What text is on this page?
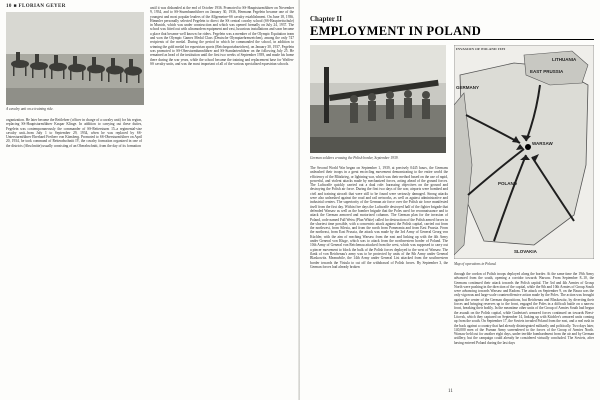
10 ■ FLORIAN GEYER
A cavalry unit on a training ride.

organization. He later became the Reitlehrer (officer in charge of a cavalry unit) for his region, replacing SS-Hauptsturmführer Kaspar Klinge. In addition to carrying out these duties, Fegelein was contemporaneously the commander of SS-Reitersturm 15–a regimental-size cavalry unit–from July 1 to September 29, 1934, when he was replaced by SS-Untersturmführer Eberhard Freiherr von Künsberg. Promoted to SS-Obersturmführer on April 20, 1934, he took command of Reiterabschnitt IV, the cavalry formation organized in one of the districts (Abschnitte) usually consisting of an Oberabschnitt, from the day of its formation

until it was disbanded at the end of October 1936. Promoted to SS-Hauptsturmführer on November 9, 1934, and to SS-Sturmbannführer on January 30, 1936, Hermann Fegelein became one of the youngest and most popular leaders of the Allgemeine-SS cavalry establishment. On June 18, 1936, Himmler personally selected Fegelein to direct the SS central cavalry school (SS-Hauptreitschule) in Munich, which was under construction and which was opened formally on July 24, 1937. The school was fitted out with ultramodern equipment and vast, luxurious installations and soon became a place that became well known for riders. Fegelein was a member of the Olympic Equitation team and won the Olympic Games Medal Class (Deutsche Olympiaehrenzeichen), among the only 747 recipients of the medal. During the period in which he commanded the school, in addition to winning the gold medal for equestrian sports (Reichssportabzeichen), on January 30, 1937, Fegelein was promoted to SS-Obersturmbannführer and SS-Standartenführer on the following July 25. He remained as head of the institution until the first two weeks of September 1939, and made his home there during the war years, while the school became the training and replacement base for Waffen-SS cavalry units, and was the most important of all of the various specialized equestrian schools.

Chapter II
EMPLOYMENT IN POLAND
German soldiers crossing the Polish border, September 1939.
LITHUANIA
EAST PRUSSIA
WARSAW
GERMANY
POLAND
SLOVAKIA
INVASION OF POLAND 1939
Map of operations in Poland.

The Second World War began on September 1, 1939, at precisely 0445 hours, the Germans unleashed their troops in a great encircling movement demonstrating to the entire world the efficiency of the Blitzkrieg, or lightning war, which was their method based on the use of rapid, powerful, and violent attacks made by mechanized forces, acting ahead of the ground forces. The Luftwaffe quickly carried out a dual role: harassing objectives on the ground and destroying the Polish air force. During the first two days of the war, airports were bombed and civil and training aircraft that were still to be found were seriously damaged. Strong attacks were also unleashed against the road and rail networks, as well as against administrative and industrial centers. The superiority of the German air force over the Polish air force manifested itself from the first day. Within five days the Luftwaffe destroyed half of the fighter brigade that defended Warsaw as well as the bomber brigade that the Poles used for reconnaissance and to attack the German armored and motorized columns. The German plan for the invasion of Poland, code named Fall Weiss (Plan White) called for destruction of the Polish armed forces in the shortest time possible, with a concentric attack against the Polish capital, carried out from the northwest, from Silesia, and from the north from Pomerania and from East Prussia. From the northeast, from East Prussia, the attack was made by the 3rd Army of General Georg von Küchler, with the aim of reaching Warsaw from the east and linking up with the 4th Army under General von Kluge, which was to attack from the northwestern border of Poland. The 10th Army of General von Reichenau attacked from the west, which was supposed to carry out a pincer movement to block the bulk of the Polish forces deployed to the west of Warsaw. The flank of von Reichenau's army was to be protected by units of the 8th Army under General Blaskowitz. Meanwhile, the 14th Army under General List attacked from the southwestern border towards the Vistula to cut off the withdrawal of Polish forces. By September 3, the German forces had already broken

through the cordon of Polish troops deployed along the border. At the same time the 19th Army advanced from the south, opening a corridor towards Warsaw. From September 8–10, the Germans continued their attack towards the Polish capital. The 3rd and 4th Armies of Group North were pushing in the direction of the capital, while the 8th and 10th Armies of Group South were advancing towards Warsaw and Radom. The attack on September 9, on the Bzura was the only vigorous and large-scale counteroffensive action made by the Poles. The action was brought against the center of the German dispositions, but Reichenau and Blaskowitz, by diverting their forces and bringing reserves up to the front, engaged the Poles in a difficult battle on a narrow front, breaking their bodily. In the meantime other units of the Group of Armies South had begun the assault on the Polish capital, while Guderian's armored forces continued on towards Brest-Litovsk, which they captured on September 14, linking up with Küchler's armored units coming up from the south. On September 17, the Soviets invaded Poland from the east, and a real rush in the back against a country that had already disintegrated militarily and politically. Two days later, 140,000 men of the Poznan Army surrendered to the forces of the Group of Armies North. Warsaw held out for another eight days, under terrible bombardment from the air and by German artillery, but the campaign could already be considered virtually concluded. The Soviets, after having entered Poland during the last days

11
